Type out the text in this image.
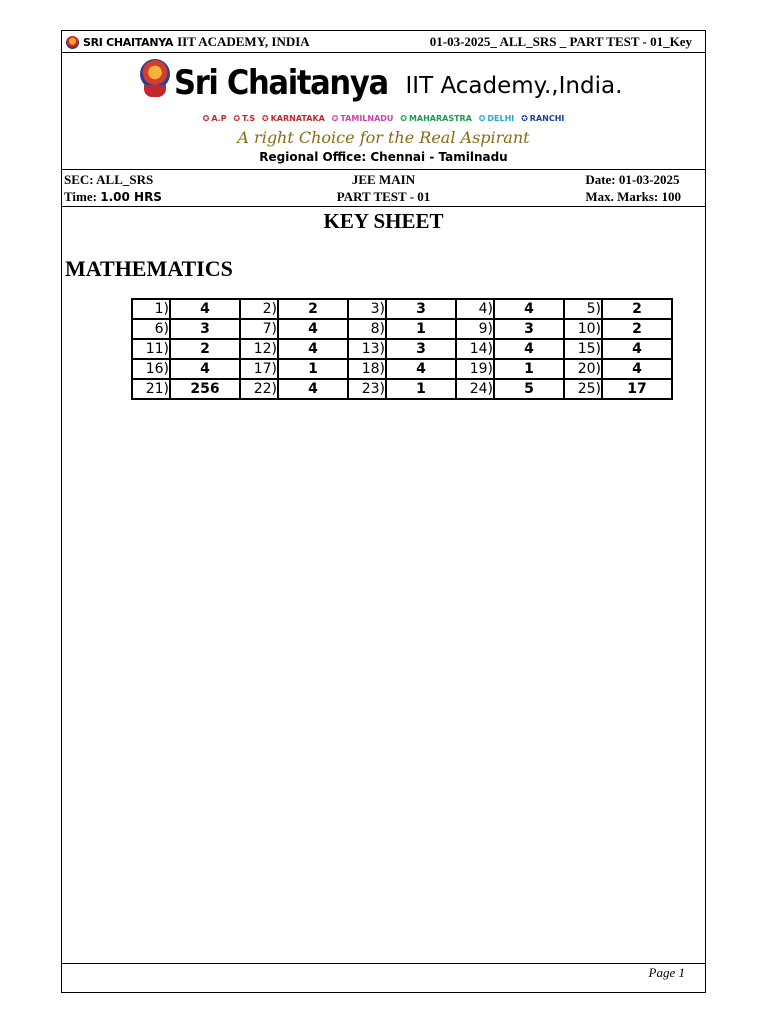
SRI CHAITANYA IIT ACADEMY, INDIA	01-03-2025_ ALL_SRS _ PART TEST - 01_Key
Sri Chaitanya IIT Academy.,India.
✪ A.P ✪ T.S ✪ KARNATAKA ✪ TAMILNADU ✪ MAHARASTRA ✪ DELHI ✪ RANCHI
A right Choice for the Real Aspirant
Regional Office: Chennai - Tamilnadu
SEC: ALL_SRS
Time: 1.00 HRS
JEE MAIN
PART TEST - 01
Date: 01-03-2025
Max. Marks: 100
KEY SHEET
MATHEMATICS
1)	4	2)	2	3)	3	4)	4	5)	2
6)	3	7)	4	8)	1	9)	3	10)	2
11)	2	12)	4	13)	3	14)	4	15)	4
16)	4	17)	1	18)	4	19)	1	20)	4
21)	256	22)	4	23)	1	24)	5	25)	17
Page 1
